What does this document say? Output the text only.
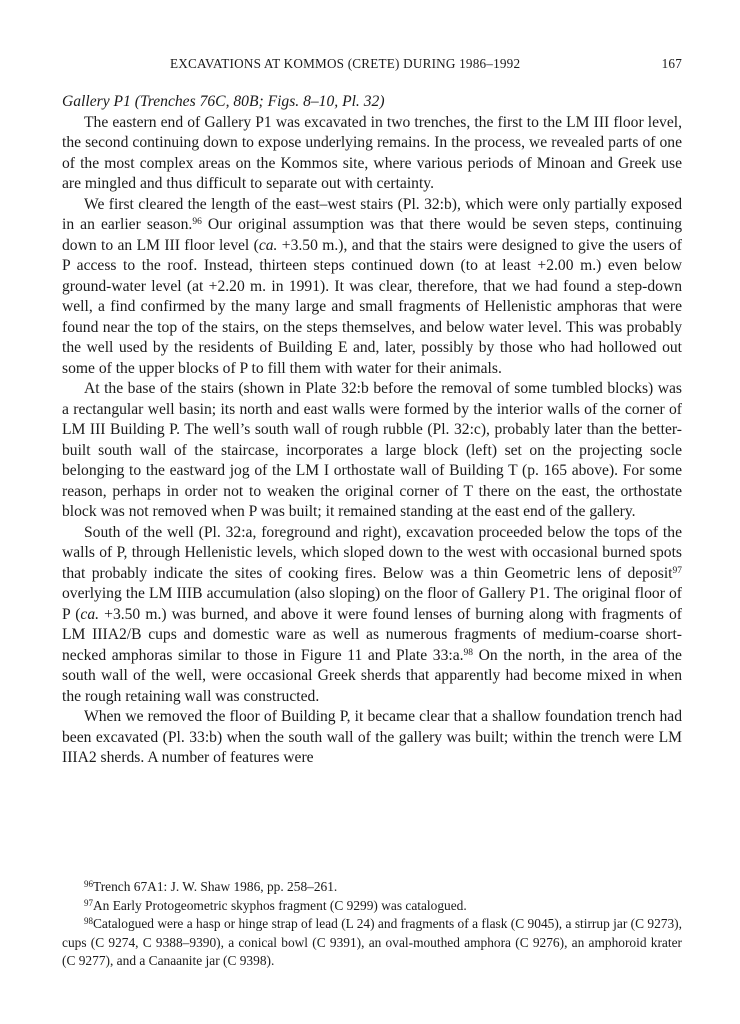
EXCAVATIONS AT KOMMOS (CRETE) DURING 1986–1992	167

Gallery P1 (Trenches 76C, 80B; Figs. 8–10, Pl. 32)

The eastern end of Gallery P1 was excavated in two trenches, the first to the LM III floor level, the second continuing down to expose underlying remains. In the process, we revealed parts of one of the most complex areas on the Kommos site, where various periods of Minoan and Greek use are mingled and thus difficult to separate out with certainty.

We first cleared the length of the east–west stairs (Pl. 32:b), which were only partially exposed in an earlier season.$^{96}$ Our original assumption was that there would be seven steps, continuing down to an LM III floor level (ca. +3.50 m.), and that the stairs were designed to give the users of P access to the roof. Instead, thirteen steps continued down (to at least +2.00 m.) even below ground-water level (at +2.20 m. in 1991). It was clear, therefore, that we had found a step-down well, a find confirmed by the many large and small fragments of Hellenistic amphoras that were found near the top of the stairs, on the steps themselves, and below water level. This was probably the well used by the residents of Building E and, later, possibly by those who had hollowed out some of the upper blocks of P to fill them with water for their animals.

At the base of the stairs (shown in Plate 32:b before the removal of some tumbled blocks) was a rectangular well basin; its north and east walls were formed by the interior walls of the corner of LM III Building P. The well’s south wall of rough rubble (Pl. 32:c), probably later than the better-built south wall of the staircase, incorporates a large block (left) set on the projecting socle belonging to the eastward jog of the LM I orthostate wall of Building T (p. 165 above). For some reason, perhaps in order not to weaken the original corner of T there on the east, the orthostate block was not removed when P was built; it remained standing at the east end of the gallery.

South of the well (Pl. 32:a, foreground and right), excavation proceeded below the tops of the walls of P, through Hellenistic levels, which sloped down to the west with occasional burned spots that probably indicate the sites of cooking fires. Below was a thin Geometric lens of deposit$^{97}$ overlying the LM IIIB accumulation (also sloping) on the floor of Gallery P1. The original floor of P (ca. +3.50 m.) was burned, and above it were found lenses of burning along with fragments of LM IIIA2/B cups and domestic ware as well as numerous fragments of medium-coarse short-necked amphoras similar to those in Figure 11 and Plate 33:a.$^{98}$ On the north, in the area of the south wall of the well, were occasional Greek sherds that apparently had become mixed in when the rough retaining wall was constructed.

When we removed the floor of Building P, it became clear that a shallow foundation trench had been excavated (Pl. 33:b) when the south wall of the gallery was built; within the trench were LM IIIA2 sherds. A number of features were

$^{96}$Trench 67A1: J. W. Shaw 1986, pp. 258–261.

$^{97}$An Early Protogeometric skyphos fragment (C 9299) was catalogued.

$^{98}$Catalogued were a hasp or hinge strap of lead (L 24) and fragments of a flask (C 9045), a stirrup jar (C 9273), cups (C 9274, C 9388–9390), a conical bowl (C 9391), an oval-mouthed amphora (C 9276), an amphoroid krater (C 9277), and a Canaanite jar (C 9398).
